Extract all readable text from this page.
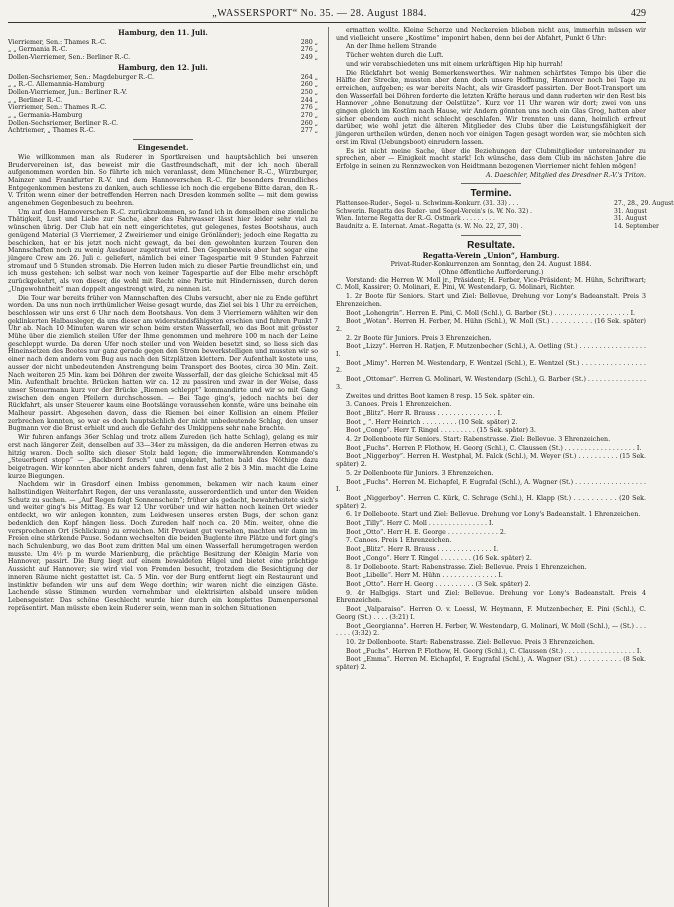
„WASSERSPORT“ No. 35. — 28. August 1884.	429
Hamburg, den 11. Juli.
Vierriemer, Sen.: Thames R.-C.	280 „
„ „ Germania R.-C.	276 „
Dollen-Vierriemer, Sen.: Berliner R.-C.	249 „
Hamburg, den 12. Juli.
Dollen-Sechsriemer, Sen.: Magdeburger R.-C.	264 „
„ „ R.-C. Allemannia-Hamburg	260 „
Dollen-Vierriemer, Jun.: Berliner R.-V.	250 „
„ „ Berliner R.-C.	244 „
Vierriemer, Sen.: Thames R.-C.	276 „
„ „ Germania-Hamburg	270 „
Dollen-Sechsriemer, Berliner R.-C.	260 „
Achtriemer, „ Thames R.-C.	277 „
Eingesendet.

Wie willkommen man als Ruderer in Sportkreisen und hauptsächlich bei unseren Brudervereinen ist, das beweist mir die Gastfreundschaft, mit der ich noch überall aufgenommen worden bin. So führte ich mich veranlasst, dem Münchener R.-C., Würzburger, Mainzer und Frankfurter R.-V. und dem Hannoverschen R.-C. für besonders freundliches Entgegenkommen bestens zu danken, auch schliesse ich noch die ergebene Bitte daran, den R.-V. Triton wenn einer der betreffenden Herren nach Dresden kommen sollte — mit dem gewiss angenehmen Gegenbesuch zu beehren.

Um auf den Hannoverschen R.-C. zurückzukommen, so fand ich in demselben eine ziemliche Thätigkeit, Lust und Liebe zur Sache, aber das Fahrwasser lässt hier leider sehr viel zu wünschen übrig. Der Club hat ein nett eingerichtetes, gut gelegenes, festes Bootshaus, auch genügend Material (3 Vierriemer, 2 Zweiriemer und einige Grönländer); jedoch eine Regatta zu beschicken, hat er bis jetzt noch nicht gewagt, da bei den gewohnten kurzen Touren den Mannschaften noch zu wenig Ausdauer zugetraut wird. Den Gegenbeweis aber hat sogar eine jüngere Crew am 26. Juli c. geliefert, nämlich bei einer Tagespartie mit 9 Stunden Fahrzeit stromauf und 5 Stunden stromab. Die Herren luden mich zu dieser Partie freundlichst ein, und ich muss gestehen: ich selbst war noch von keiner Tagespartie auf der Elbe mehr erschöpft zurückgekehrt, als von dieser, die wohl mit Recht eine Partie mit Hindernissen, durch deren „Ungewohntheit“ man doppelt angestrengt wird, zu nennen ist.

Die Tour war bereits früher von Mannschaften des Clubs versucht, aber nie zu Ende geführt worden. Da uns nun noch irrthümlicher Weise gesagt wurde, das Ziel sei bis 1 Uhr zu erreichen, beschlossen wir uns erst 6 Uhr nach dem Bootshaus. Von dem 3 Vierriemern wählten wir den geklinkerten Halbausleger, da uns dieser am widerstandsfähigsten erschien und fuhren Punkt 7 Uhr ab. Nach 10 Minuten waren wir schon beim ersten Wasserfall, wo das Boot mit grösster Mühe über die ziemlich steilen Ufer der Ihme genommen und mehrere 100 m nach der Leine geschleppt wurde. Da deren Ufer noch steiler und von Weiden besetzt sind, so liess sich das Hineinsetzen des Bootes nur ganz gerade gegen den Strom bewerkstelligen und mussten wir so einer nach dem andern vom Bug aus nach den Sitzplätzen klettern. Der Aufenthalt kostete uns, ausser der nicht unbedeutenden Anstrengung beim Transport des Bootes, circa 30 Min. Zeit. Nach weiteren 25 Min. kam bei Döhren der zweite Wasserfall, der das gleiche Schicksal mit 45 Min. Aufenthalt brachte. Brücken hatten wir ca. 12 zu passiren und zwar in der Weise, dass unser Steuermann kurz vor der Brücke „Riemen schleppt“ kommandirte und wir so mit Gang zwischen den engen Pfeilern durchschossen. — Bei Tage ging's, jedoch nachts bei der Rückfahrt, als unser Steuerer kaum eine Bootslänge voraussehen konnte, wäre uns beinahe ein Malheur passirt. Abgesehen davon, dass die Riemen bei einer Kollision an einem Pfeiler zerbrechen konnten, so war es doch hauptsächlich der nicht unbedeutende Schlag, den unser Bugmann vor die Brust erhielt und auch die Gefahr des Umkippens sehr nahe brachte.

Wir fuhren anfangs 36er Schlag und trotz allem Zureden (ich hatte Schlag), gelang es mir erst nach längerer Zeit, denselben auf 33—34er zu mässigen, da die anderen Herren etwas zu hitzig waren. Doch sollte sich dieser Stolz bald legen; die immerwährenden Kommando's „Steuerbord stopp“ — „Backbord forsch“ und umgekehrt, hatten bald das Nöthige dazu beigetragen. Wir konnten aber nicht anders fahren, denn fast alle 2 bis 3 Min. macht die Leine kurze Biegungen.

Nachdem wir in Grasdorf einen Imbiss genommen, bekamen wir nach kaum einer halbstündigen Weiterfahrt Regen, der uns veranlasste, ausserordentlich und unter den Weiden Schutz zu suchen. — „Auf Regen folgt Sonnenschein“; früher als gedacht, bewahrheitete sich's und weiter ging's bis Mittag. Es war 12 Uhr vorüber und wir hatten noch keinen Ort wieder entdeckt, wo wir anlegen konnten, zum Leidwesen unseres ersten Bugs, der schon ganz bedenklich den Kopf hängen liess. Doch Zureden half noch ca. 20 Min. weiter, ohne die versprochenen Ort (Schlickum) zu erreichen. Mit Proviant gut versehen, machten wir dann im Freien eine stärkende Pause. Sodann wechselten die beiden Buglente ihre Plätze und fort ging's nach Schulenburg, wo das Boot zum dritten Mal um einen Wasserfall herumgetragen werden musste. Um 4½ p m wurde Marienburg, die prächtige Besitzung der Königin Marie von Hannover, passirt. Die Burg liegt auf einem bewaldeten Hügel und bietet eine prächtige Aussicht auf Hannover; sie wird viel von Fremden besucht, trotzdem die Besichtigung der inneren Räume nicht gestattet ist. Ca. 5 Min. vor der Burg entfernt liegt ein Restaurant und instinktiv befanden wir uns auf dem Wege dorthin; wir waren nicht die einzigen Gäste. Lachende süsse Stimmen wurden vernehmbar und elektrisirten alsbald unsere müden Lebensgeister. Das schöne Geschlecht wurde hier durch ein komplettes Damenpersonal repräsentirt. Man müsste eben kein Ruderer sein, wenn man in solchen Situationen

ermatten wollte. Kleine Scherze und Neckereien blieben nicht aus, immerhin müssen wir und vielleicht unsere „Kostüme“ imponirt haben, denn bei der Abfahrt, Punkt 6 Uhr:

An der Ihme hellem Strande

Tücher wehten durch die Luft.

und wir verabschiedeten uns mit einem urkräftigen Hip hip hurrah!

Die Rückfahrt bot wenig Bemerkenswerthes. Wir nahmen schärfstes Tempo bis über die Hälfte der Strecke, mussten aber denn doch unsere Hoffnung, Hannover noch bei Tage zu erreichen, aufgeben; es war bereits Nacht, als wir Grasdorf passirten. Der Boot-Transport um den Wasserfall bei Döhren forderte die letzten Kräfte heraus und dann ruderten wir den Rest bis Hannover „ohne Benutzung der Oelstütze“. Kurz vor 11 Uhr waren wir dort; zwei von uns gingen gleich im Kostüm nach Hause, wir Andern gönnten uns noch ein Glas Grog, hatten aber sicher ebendem auch nicht schlecht geschlafen. Wir trennten uns dann, heimlich erfreut darüber, wie wohl jetzt die älteren Mitglieder des Clubs über die Leistungsfähigkeit der jüngeren urtheilen würden, denen noch vor einigen Tagen gesagt worden war, sie möchten sich erst im Rival (Uebungsboot) einrudern lassen.

Es ist nicht meine Sache, über die Beziehungen der Clubmitglieder untereinander zu sprechen, aber — Einigkeit macht stark! Ich wünsche, dass dem Club im nächsten Jahre die Erfolge in seinen zu Rennzwecken von Heidtmann bezogenen Vierriemer nicht fehlen mögen!

A. Daeschler, Mitglied des Dresdner R.-V.'s Triton.
Termine.
Plattensee-Ruder-, Segel- u. Schwimm-Konkurr. (31. 33) . . .	27., 28., 29. August
Schwerin. Regatta des Ruder- und Segel-Verein's (s. W. No. 32) .	31. August
Wien. Interne Regatta der R.-G. Ostmark . . . . . . . . .	31. August
Baudnitz a. E. Internat. Amat.-Regatta (s. W. No. 22, 27, 30) .	14. September
Resultate.
Regatta-Verein „Union“, Hamburg.
Privat-Ruder-Konkurrenzen am Sonntag, den 24. August 1884.
(Ohne öffentliche Aufforderung.)

Vorstand: die Herren W. Moll jr., Präsident; H. Ferber, Vice-Präsident; M. Hühn, Schriftwart; C. Moll, Kassirer; O. Molinari, E. Pini, W. Westendarp, G. Molinari, Richter.

1. 2r Boote für Seniors. Start und Ziel: Bellevue, Drehung vor Lony's Badeanstalt. Preis 3 Ehrenzeichen.

Boot „Lohengrin“. Herren E. Pini, C. Moll (Schl.), G. Barber (St.) . . . . . . . . . . . . . . . . . . . I.

Boot „Wotan“. Herren H. Ferber, M. Hühn (Schl.), W. Moll (St.) . . . . . . . . . . (16 Sek. später) 2.

2. 2r Boote für Juniors. Preis 3 Ehrenzeichen.

Boot „Lizzy“. Herren H. Ratjen, F. Mutzenbecher (Schl.), A. Oetling (St.) . . . . . . . . . . . . . . . . . I.

Boot „Mimy“. Herren M. Westendarp, F. Wentzel (Schl.), E. Wentzel (St.) . . . . . . . . . . . . . . . . 2.

Boot „Ottomar“. Herren G. Molinari, W. Westendarp (Schl.), G. Barber (St.) . . . . . . . . . . . . . . . 3.

Zweites und drittes Boot kamen 8 resp. 15 Sek. später ein.

3. Canoes. Preis 1 Ehrenzeichen.

Boot „Blitz“. Herr R. Brauss . . . . . . . . . . . . . . . I.

Boot „ “. Herr Heinrich . . . . . . . . . (10 Sek. später) 2.

Boot „Congo“. Herr T. Ringel . . . . . . . . . (15 Sek. später) 3.

4. 2r Dollenboote für Seniors. Start: Rabenstrasse. Ziel: Bellevue. 3 Ehrenzeichen.

Boot „Fuchs“. Herren P. Flothow, H. Georg (Schl.), C. Claussen (St.) . . . . . . . . . . . . . . . . . . I.

Boot „Niggerboy“. Herren H. Westphal, M. Falck (Schl.), M. Weyer (St.) . . . . . . . . . . (15 Sek. später) 2.

5. 2r Dollenboote für Juniors. 3 Ehrenzeichen.

Boot „Fuchs“. Herren M. Eichapfel, F. Eugrafal (Schl.), A. Wagner (St.) . . . . . . . . . . . . . . . . . . I.

Boot „Niggerboy“. Herren C. Kürk, C. Schrage (Schl.), H. Klapp (St.) . . . . . . . . . . (20 Sek. später) 2.

6. 1r Dolleboote. Start und Ziel: Bellevue. Drehung vor Lony's Badeanstalt. 1 Ehrenzeichen.

Boot „Tilly“. Herr C. Moll . . . . . . . . . . . . . . . I.

Boot „Otto“. Herr H. E. George . . . . . . . . . . . . . 2.

7. Canoes. Preis 1 Ehrenzeichen.

Boot „Blitz“. Herr R. Brauss . . . . . . . . . . . . . . I.

Boot „Congo“. Herr T. Ringel . . . . . . . . (16 Sek. später) 2.

8. 1r Dolleboote. Start: Rabenstrasse. Ziel: Bellevue. Preis 1 Ehrenzeichen.

Boot „Libelle“. Herr M. Hühn . . . . . . . . . . . . . . I.

Boot „Otto“. Herr H. Georg . . . . . . . . . . (3 Sek. später) 2.

9. 4r Halbgigs. Start und Ziel: Bellevue. Drehung vor Lony's Badeanstalt. Preis 4 Ehrenzeichen.

Boot „Valparaiso“. Herren O. v. Loessl, W. Heymann, F. Mutzenbecher, E. Pini (Schl.), C. Georg (St.) . . . . (3:21) I.

Boot „Georgianna“. Herren H. Ferber, W. Westendarp, G. Molinari, W. Moll (Schl.), — (St.) . . . . . . . (3:32) 2.

10. 2r Dollenboote. Start: Rabenstrasse. Ziel: Bellevue. Preis 3 Ehrenzeichen.

Boot „Fuchs“. Herren P. Flothow, H. Georg (Schl.), C. Claussen (St.) . . . . . . . . . . . . . . . . . . I.

Boot „Emma“. Herren M. Eichapfel, F. Eugrafal (Schl.), A. Wagner (St.) . . . . . . . . . . (8 Sek. später) 2.
